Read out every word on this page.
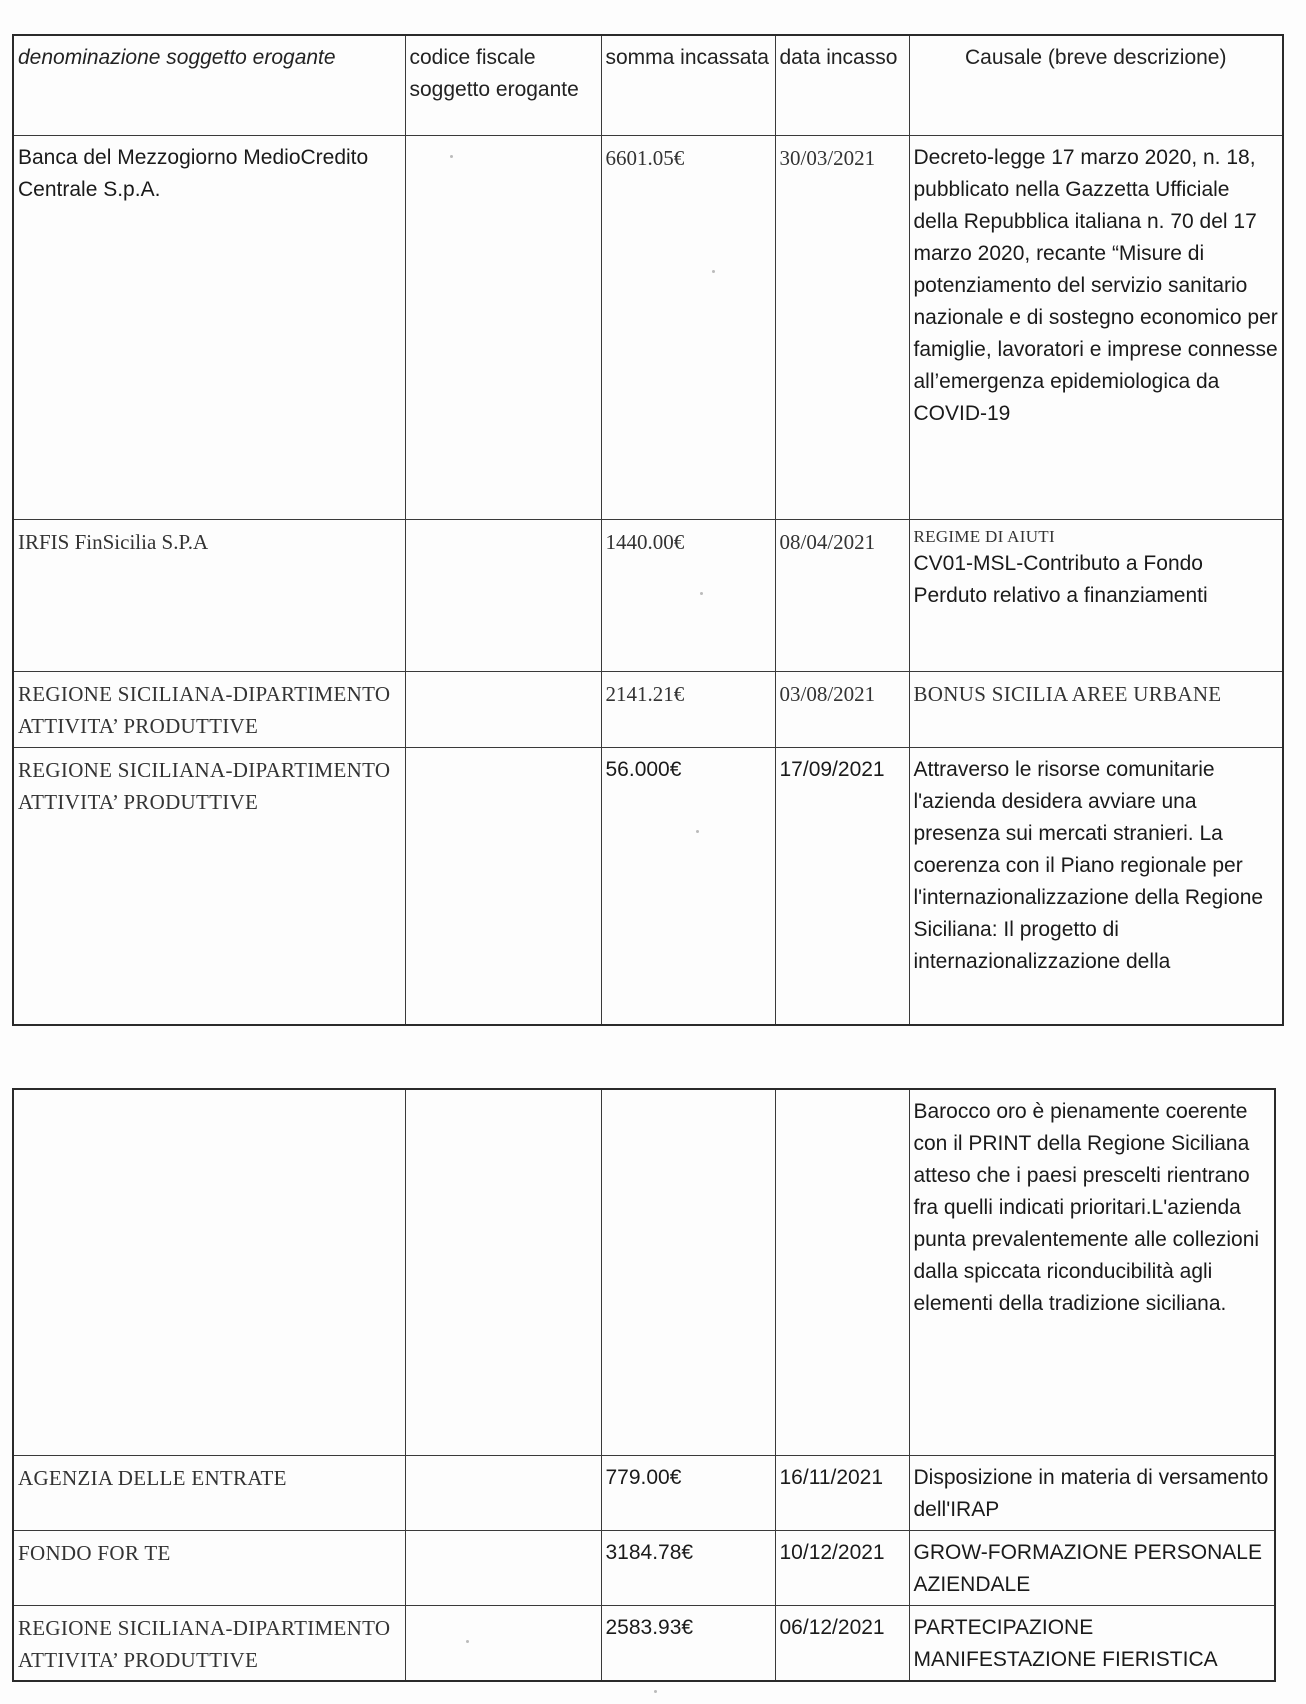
denominazione soggetto erogante	codice fiscale soggetto erogante	somma incassata	data incasso	Causale (breve descrizione)
Banca del Mezzogiorno MedioCredito Centrale S.p.A.		6601.05€	30/03/2021	Decreto-legge 17 marzo 2020, n. 18, pubblicato nella Gazzetta Ufficiale della Repubblica italiana n. 70 del 17 marzo 2020, recante “Misure di potenziamento del servizio sanitario nazionale e di sostegno economico per famiglie, lavoratori e imprese connesse all’emergenza epidemiologica da COVID-19
IRFIS FinSicilia S.P.A		1440.00€	08/04/2021	REGIME DI AIUTI
CV01-MSL-Contributo a Fondo Perduto relativo a finanziamenti

REGIONE SICILIANA-DIPARTIMENTO ATTIVITA’ PRODUTTIVE		2141.21€	03/08/2021	BONUS SICILIA AREE URBANE
REGIONE SICILIANA-DIPARTIMENTO ATTIVITA’ PRODUTTIVE		56.000€	17/09/2021	Attraverso le risorse comunitarie l'azienda desidera avviare una presenza sui mercati stranieri. La coerenza con il Piano regionale per l'internazionalizzazione della Regione Siciliana: Il progetto di internazionalizzazione della
				Barocco oro è pienamente coerente con il PRINT della Regione Siciliana atteso che i paesi prescelti rientrano fra quelli indicati prioritari.L'azienda punta prevalentemente alle collezioni dalla spiccata riconducibilità agli elementi della tradizione siciliana.
AGENZIA DELLE ENTRATE		779.00€	16/11/2021	Disposizione in materia di versamento dell'IRAP
FONDO FOR TE		3184.78€	10/12/2021	GROW-FORMAZIONE PERSONALE AZIENDALE
REGIONE SICILIANA-DIPARTIMENTO ATTIVITA’ PRODUTTIVE		2583.93€	06/12/2021	PARTECIPAZIONE MANIFESTAZIONE FIERISTICA
